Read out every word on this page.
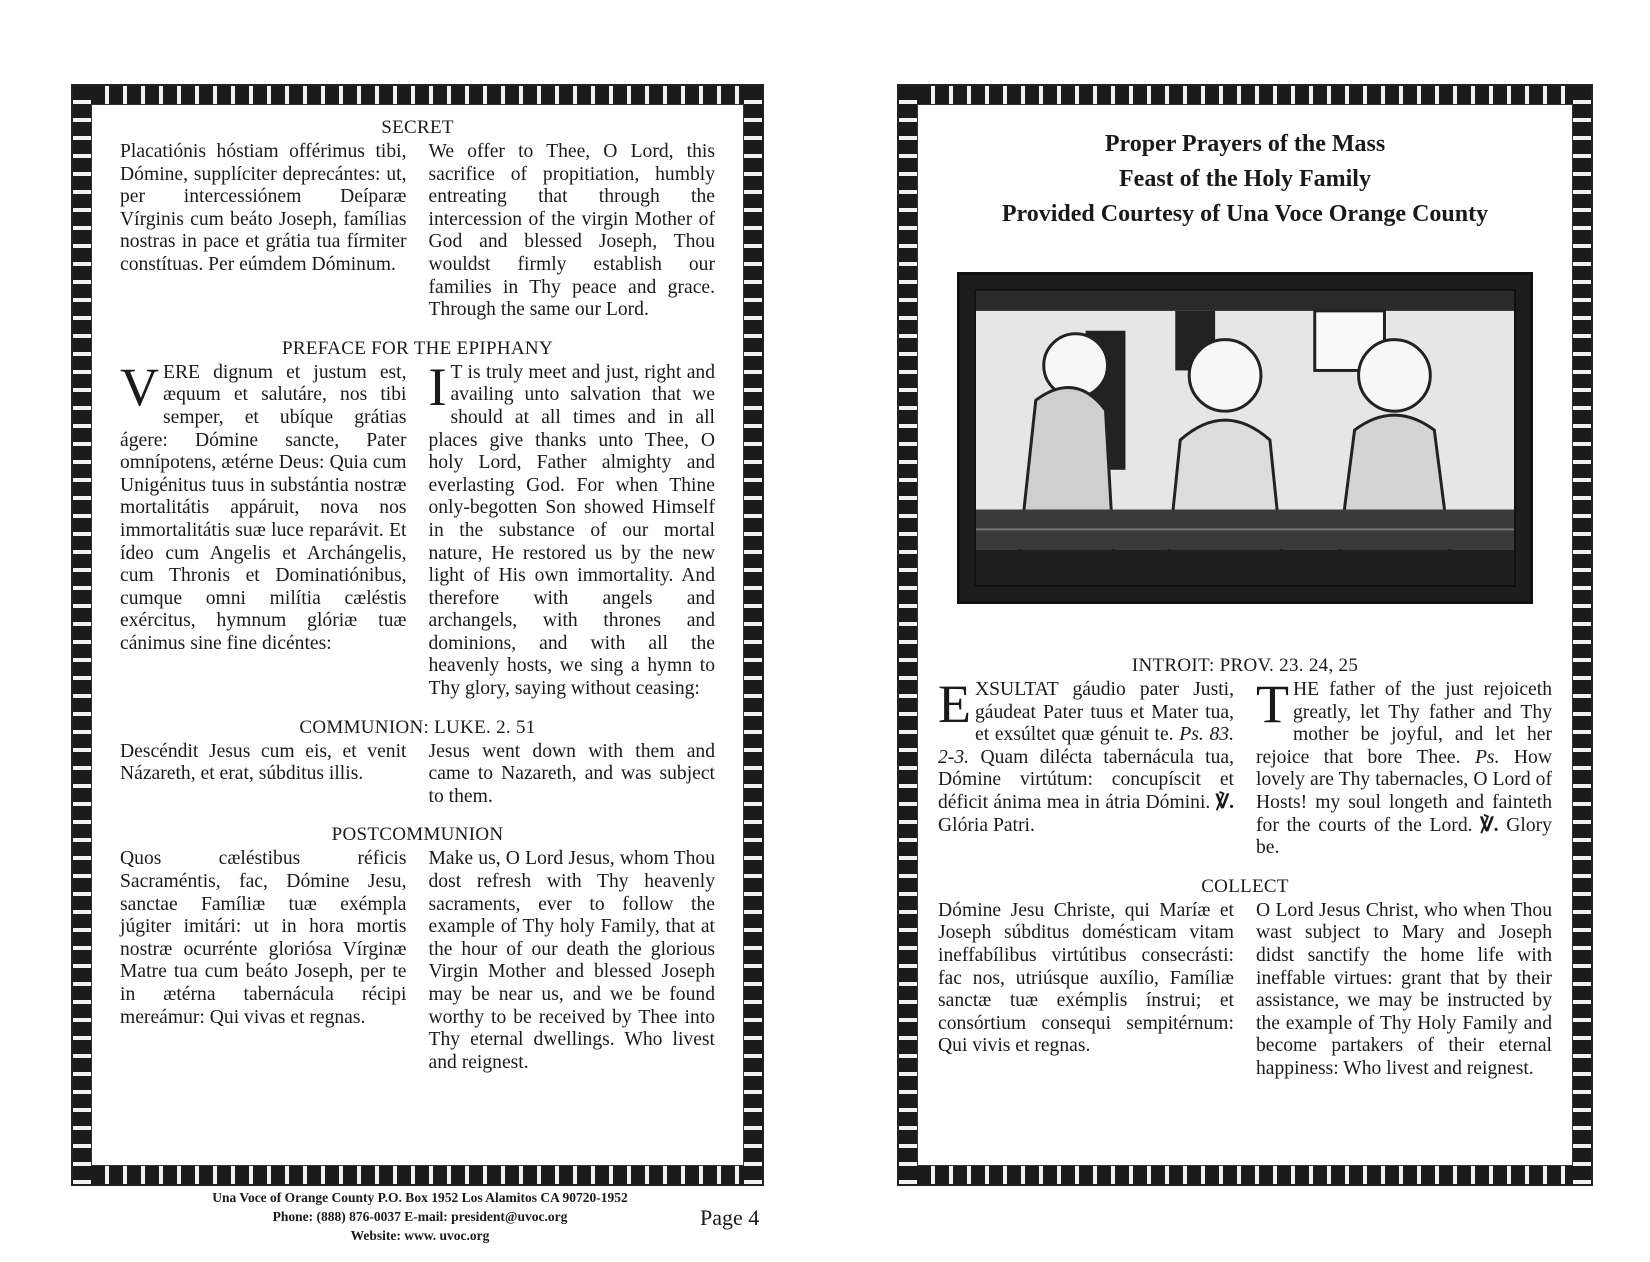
SECRET
Placatiónis hóstiam offérimus tibi, Dómine, supplíciter deprecántes: ut, per intercessiónem Deíparæ Vírginis cum beáto Joseph, famílias nostras in pace et grátia tua fírmiter constítuas. Per eúmdem Dóminum.
We offer to Thee, O Lord, this sacrifice of propitiation, humbly entreating that through the intercession of the virgin Mother of God and blessed Joseph, Thou wouldst firmly establish our families in Thy peace and grace. Through the same our Lord.
PREFACE FOR THE EPIPHANY
VERE dignum et justum est, æquum et salutáre, nos tibi semper, et ubíque grátias ágere: Dómine sancte, Pater omnípotens, ætérne Deus: Quia cum Unigénitus tuus in substántia nostræ mortalitátis appáruit, nova nos immortalitátis suæ luce reparávit. Et ídeo cum Angelis et Archángelis, cum Thronis et Dominatiónibus, cumque omni milítia cæléstis exércitus, hymnum glóriæ tuæ cánimus sine fine dicéntes:
I T is truly meet and just, right and availing unto salvation that we should at all times and in all places give thanks unto Thee, O holy Lord, Father almighty and everlasting God. For when Thine only-begotten Son showed Himself in the substance of our mortal nature, He restored us by the new light of His own immortality. And therefore with angels and archangels, with thrones and dominions, and with all the heavenly hosts, we sing a hymn to Thy glory, saying without ceasing:
COMMUNION: LUKE. 2. 51
Descéndit Jesus cum eis, et venit Názareth, et erat, súbditus illis.
Jesus went down with them and came to Nazareth, and was subject to them.
POSTCOMMUNION
Quos cæléstibus réficis Sacraméntis, fac, Dómine Jesu, sanctae Famíliæ tuæ exémpla júgiter imitári: ut in hora mortis nostræ ocurrénte gloriósa Vírginæ Matre tua cum beáto Joseph, per te in ætérna tabernácula récipi mereámur: Qui vivas et regnas.
Make us, O Lord Jesus, whom Thou dost refresh with Thy heavenly sacraments, ever to follow the example of Thy holy Family, that at the hour of our death the glorious Virgin Mother and blessed Joseph may be near us, and we be found worthy to be received by Thee into Thy eternal dwellings. Who livest and reignest.
Proper Prayers of the Mass
Feast of the Holy Family
Provided Courtesy of Una Voce Orange County
INTROIT: PROV. 23. 24, 25
EXSULTAT gáudio pater Justi, gáudeat Pater tuus et Mater tua, et exsúltet quæ génuit te. Ps. 83. 2-3. Quam diléctа tabernácula tua, Dómine virtútum: concupíscit et déficit ánima mea in átria Dómini. ℣. Glória Patri.
THE father of the just rejoiceth greatly, let Thy father and Thy mother be joyful, and let her rejoice that bore Thee. Ps. How lovely are Thy tabernacles, O Lord of Hosts! my soul longeth and fainteth for the courts of the Lord. ℣. Glory be.
COLLECT
Dómine Jesu Christe, qui Maríæ et Joseph súbditus doméstiсam vitam ineffabílibus virtútibus consecrásti: fac nos, utriúsque auxílio, Famíliæ sanctæ tuæ exémplis ínstrui; et consórtium consequi sempitérnum: Qui vivis et regnas.
O Lord Jesus Christ, who when Thou wast subject to Mary and Joseph didst sanctify the home life with ineffable virtues: grant that by their assistance, we may be instructed by the example of Thy Holy Family and become partakers of their eternal happiness: Who livest and reignest.
Una Voce of Orange County P.O. Box 1952 Los Alamitos CA 90720-1952
Phone: (888) 876-0037 E-mail: president@uvoc.org
Website: www. uvoc.org
Page 4
